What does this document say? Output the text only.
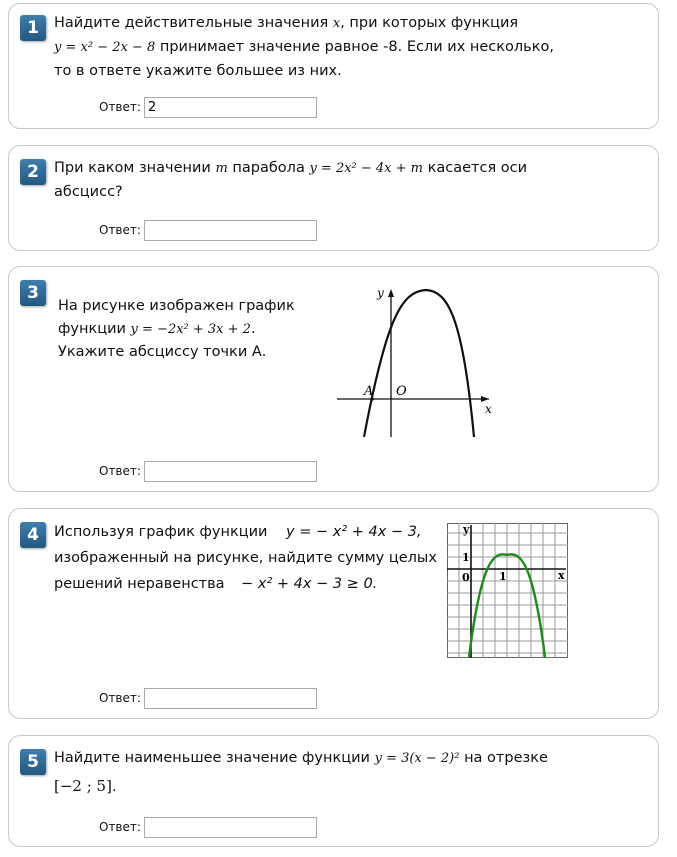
1	Найдите действительные значения x, при которых функция
y = x² − 2x − 8 принимает значение равное -8. Если их несколько,
то в ответе укажите большее из них.
Ответ:
2
2	При каком значении m парабола y = 2x² − 4x + m касается оси
абсцисс?
Ответ:
3
На рисунке изображен график
функции y = −2x² + 3x + 2.
Укажите абсциссу точки А.
y
x
A O
Ответ:
4	Используя график функции y = − x² + 4x − 3,
изображенный на рисунке, найдите сумму целых
решений неравенства − x² + 4x − 3 ≥ 0.
y
x
1
0	1
Ответ:
5	Найдите наименьшее значение функции y = 3(x − 2)² на отрезке
[−2 ; 5].
Ответ:
